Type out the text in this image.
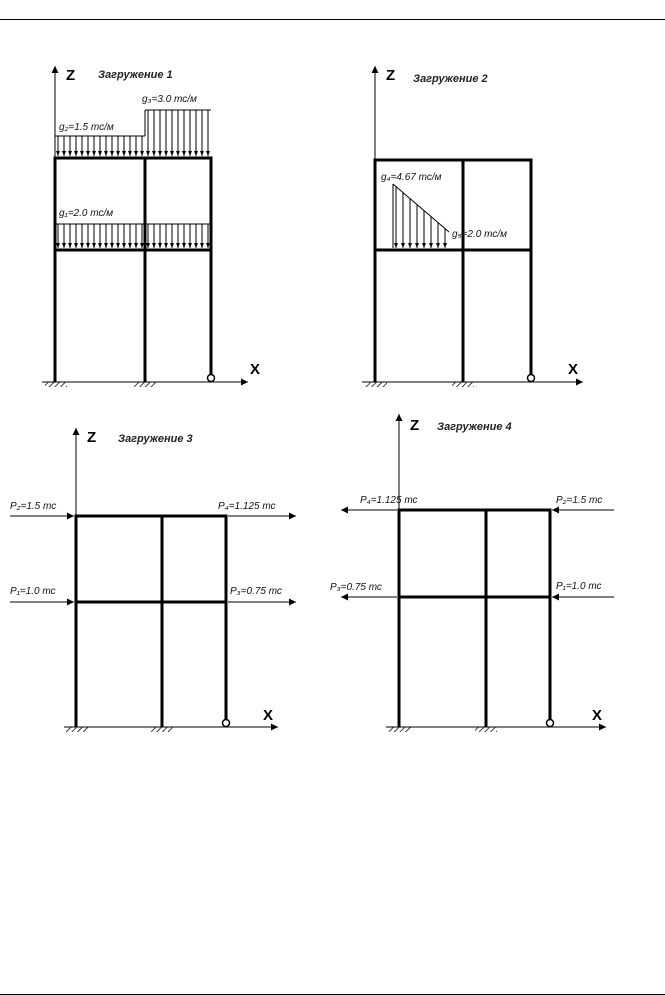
Z
X
Загружение 1
g₂=1.5 тс/м
g₃=3.0 тс/м
g₁=2.0 тс/м
Z
X
Загружение 2
g₄=4.67 тс/м
g₅=2.0 тс/м
Z
X
Загружение 3
P₂=1.5 тс	P₄=1.125 тс
P₁=1.0 тс	P₃=0.75 тс
Z
X
Загружение 4
P₄=1.125 тс	P₂=1.5 тс
P₃=0.75 тс	P₁=1.0 тс
